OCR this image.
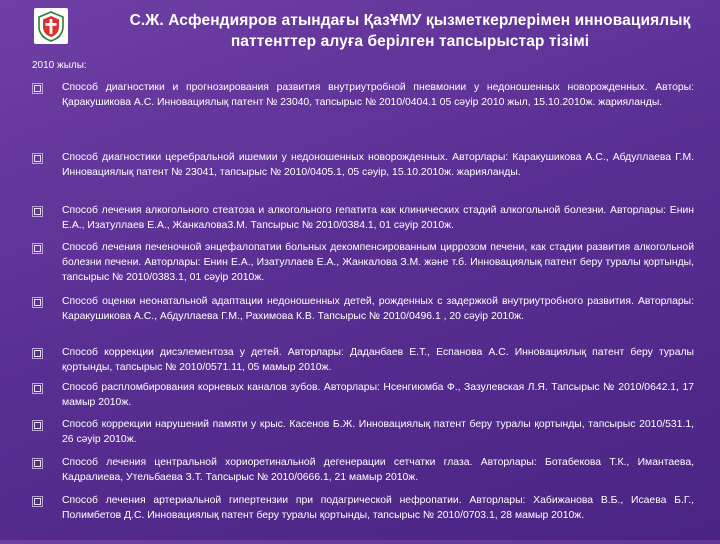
С.Ж. Асфендияров атындағы ҚазҰМУ қызметкерлерімен инновациялық
паттенттер алуға берілген тапсырыстар тізімі
2010 жылы:
Способ диагностики и прогнозирования развития внутриутробной пневмонии у недоношенных новорожденных. Авторы: Қаракушикова А.С. Инновациялық патент № 23040, тапсырыс № 2010/0404.1 05 сәуір 2010 жыл, 15.10.2010ж. жарияланды.
Способ диагностики церебральной ишемии у недоношенных новорожденных. Авторлары: Каракушикова А.С., Абдуллаева Г.М. Инновациялық патент № 23041, тапсырыс № 2010/0405.1, 05 сәуір, 15.10.2010ж. жарияланды.
Способ лечения алкогольного стеатоза и алкогольного гепатита как клинических стадий алкогольной болезни. Авторлары: Енин Е.А., Изатуллаев Е.А., Жанкалова3.М. Тапсырыс № 2010/0384.1, 01 сәуір 2010ж.
Способ лечения печеночной энцефалопатии больных декомпенсированным циррозом печени, как стадии развития алкогольной болезни печени. Авторлары: Енин Е.А., Изатуллаев Е.А., Жанкалова З.М. және т.б. Инновациялық патент беру туралы қортынды, тапсырыс № 2010/0383.1, 01 сәуір 2010ж.
Способ оценки неонатальной адаптации недоношенных детей, рожденных с задержкой внутриутробного развития. Авторлары: Каракушикова А.С., Абдуллаева Г.М., Рахимова К.В. Тапсырыс № 2010/0496.1 , 20 сәуір 2010ж.
Способ коррекции дисэлементоза у детей. Авторлары: Даданбаев Е.Т., Еспанова А.С. Инновациялық патент беру туралы қортынды, тапсырыс № 2010/0571.11, 05 мамыр 2010ж.
Способ распломбирования корневых каналов зубов. Авторлары: Нсенгиюмба Ф., Зазулевская Л.Я. Тапсырыс № 2010/0642.1, 17 мамыр 2010ж.
Способ коррекции нарушений памяти у крыс. Касенов Б.Ж. Инновациялық патент беру туралы қортынды, тапсырыс 2010/531.1, 26 сәуір 2010ж.
Способ лечения центральной хориоретинальной дегенерации сетчатки глаза. Авторлары: Ботабекова Т.К., Имантаева, Кадралиева, Утельбаева З.Т. Тапсырыс № 2010/0666.1, 21 мамыр 2010ж.
Способ лечения артериальной гипертензии при подагрической нефропатии. Авторлары: Хабижанова В.Б., Исаева Б.Г., Полимбетов Д.С. Инновациялық патент беру туралы қортынды, тапсырыс № 2010/0703.1, 28 мамыр 2010ж.
